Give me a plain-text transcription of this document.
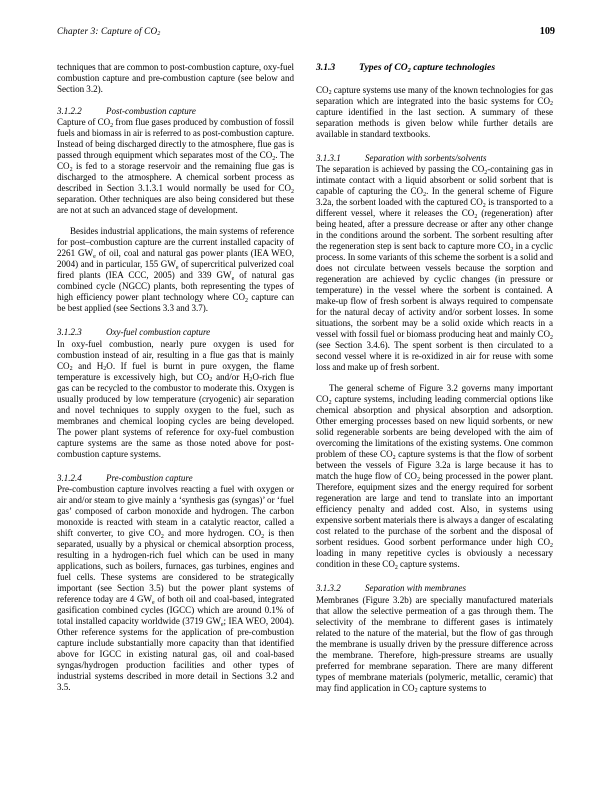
Chapter 3: Capture of $CO_2$	109

techniques that are common to post-combustion capture, oxy-fuel combustion capture and pre-combustion capture (see below and Section 3.2).

3.1.2.2	Post-combustion capture

Capture of $CO_2$ from flue gases produced by combustion of fossil fuels and biomass in air is referred to as post-combustion capture. Instead of being discharged directly to the atmosphere, flue gas is passed through equipment which separates most of the $CO_2$. The $CO_2$ is fed to a storage reservoir and the remaining flue gas is discharged to the atmosphere. A chemical sorbent process as described in Section 3.1.3.1 would normally be used for $CO_2$ separation. Other techniques are also being considered but these are not at such an advanced stage of development.

Besides industrial applications, the main systems of reference for post–combustion capture are the current installed capacity of 2261 $GW_e$ of oil, coal and natural gas power plants (IEA WEO, 2004) and in particular, 155 $GW_e$ of supercritical pulverized coal fired plants (IEA CCC, 2005) and 339 $GW_e$ of natural gas combined cycle (NGCC) plants, both representing the types of high efficiency power plant technology where $CO_2$ capture can be best applied (see Sections 3.3 and 3.7).

3.1.2.3	Oxy-fuel combustion capture

In oxy-fuel combustion, nearly pure oxygen is used for combustion instead of air, resulting in a flue gas that is mainly $CO_2$ and $H_2O$. If fuel is burnt in pure oxygen, the flame temperature is excessively high, but $CO_2$ and/or $H_2O$-rich flue gas can be recycled to the combustor to moderate this. Oxygen is usually produced by low temperature (cryogenic) air separation and novel techniques to supply oxygen to the fuel, such as membranes and chemical looping cycles are being developed. The power plant systems of reference for oxy-fuel combustion capture systems are the same as those noted above for post-combustion capture systems.

3.1.2.4	Pre-combustion capture

Pre-combustion capture involves reacting a fuel with oxygen or air and/or steam to give mainly a ‘synthesis gas (syngas)’ or ‘fuel gas’ composed of carbon monoxide and hydrogen. The carbon monoxide is reacted with steam in a catalytic reactor, called a shift converter, to give $CO_2$ and more hydrogen. $CO_2$ is then separated, usually by a physical or chemical absorption process, resulting in a hydrogen-rich fuel which can be used in many applications, such as boilers, furnaces, gas turbines, engines and fuel cells. These systems are considered to be strategically important (see Section 3.5) but the power plant systems of reference today are 4 $GW_e$ of both oil and coal-based, integrated gasification combined cycles (IGCC) which are around 0.1% of total installed capacity worldwide (3719 $GW_e$; IEA WEO, 2004). Other reference systems for the application of pre-combustion capture include substantially more capacity than that identified above for IGCC in existing natural gas, oil and coal-based syngas/hydrogen production facilities and other types of industrial systems described in more detail in Sections 3.2 and 3.5.

3.1.3	Types of $CO_2$ capture technologies

$CO_2$ capture systems use many of the known technologies for gas separation which are integrated into the basic systems for $CO_2$ capture identified in the last section. A summary of these separation methods is given below while further details are available in standard textbooks.

3.1.3.1	Separation with sorbents/solvents

The separation is achieved by passing the $CO_2$-containing gas in intimate contact with a liquid absorbent or solid sorbent that is capable of capturing the $CO_2$. In the general scheme of Figure 3.2a, the sorbent loaded with the captured $CO_2$ is transported to a different vessel, where it releases the $CO_2$ (regeneration) after being heated, after a pressure decrease or after any other change in the conditions around the sorbent. The sorbent resulting after the regeneration step is sent back to capture more $CO_2$ in a cyclic process. In some variants of this scheme the sorbent is a solid and does not circulate between vessels because the sorption and regeneration are achieved by cyclic changes (in pressure or temperature) in the vessel where the sorbent is contained. A make-up flow of fresh sorbent is always required to compensate for the natural decay of activity and/or sorbent losses. In some situations, the sorbent may be a solid oxide which reacts in a vessel with fossil fuel or biomass producing heat and mainly $CO_2$ (see Section 3.4.6). The spent sorbent is then circulated to a second vessel where it is re-oxidized in air for reuse with some loss and make up of fresh sorbent.

The general scheme of Figure 3.2 governs many important $CO_2$ capture systems, including leading commercial options like chemical absorption and physical absorption and adsorption. Other emerging processes based on new liquid sorbents, or new solid regenerable sorbents are being developed with the aim of overcoming the limitations of the existing systems. One common problem of these $CO_2$ capture systems is that the flow of sorbent between the vessels of Figure 3.2a is large because it has to match the huge flow of $CO_2$ being processed in the power plant. Therefore, equipment sizes and the energy required for sorbent regeneration are large and tend to translate into an important efficiency penalty and added cost. Also, in systems using expensive sorbent materials there is always a danger of escalating cost related to the purchase of the sorbent and the disposal of sorbent residues. Good sorbent performance under high $CO_2$ loading in many repetitive cycles is obviously a necessary condition in these $CO_2$ capture systems.

3.1.3.2	Separation with membranes

Membranes (Figure 3.2b) are specially manufactured materials that allow the selective permeation of a gas through them. The selectivity of the membrane to different gases is intimately related to the nature of the material, but the flow of gas through the membrane is usually driven by the pressure difference across the membrane. Therefore, high-pressure streams are usually preferred for membrane separation. There are many different types of membrane materials (polymeric, metallic, ceramic) that may find application in $CO_2$ capture systems to
